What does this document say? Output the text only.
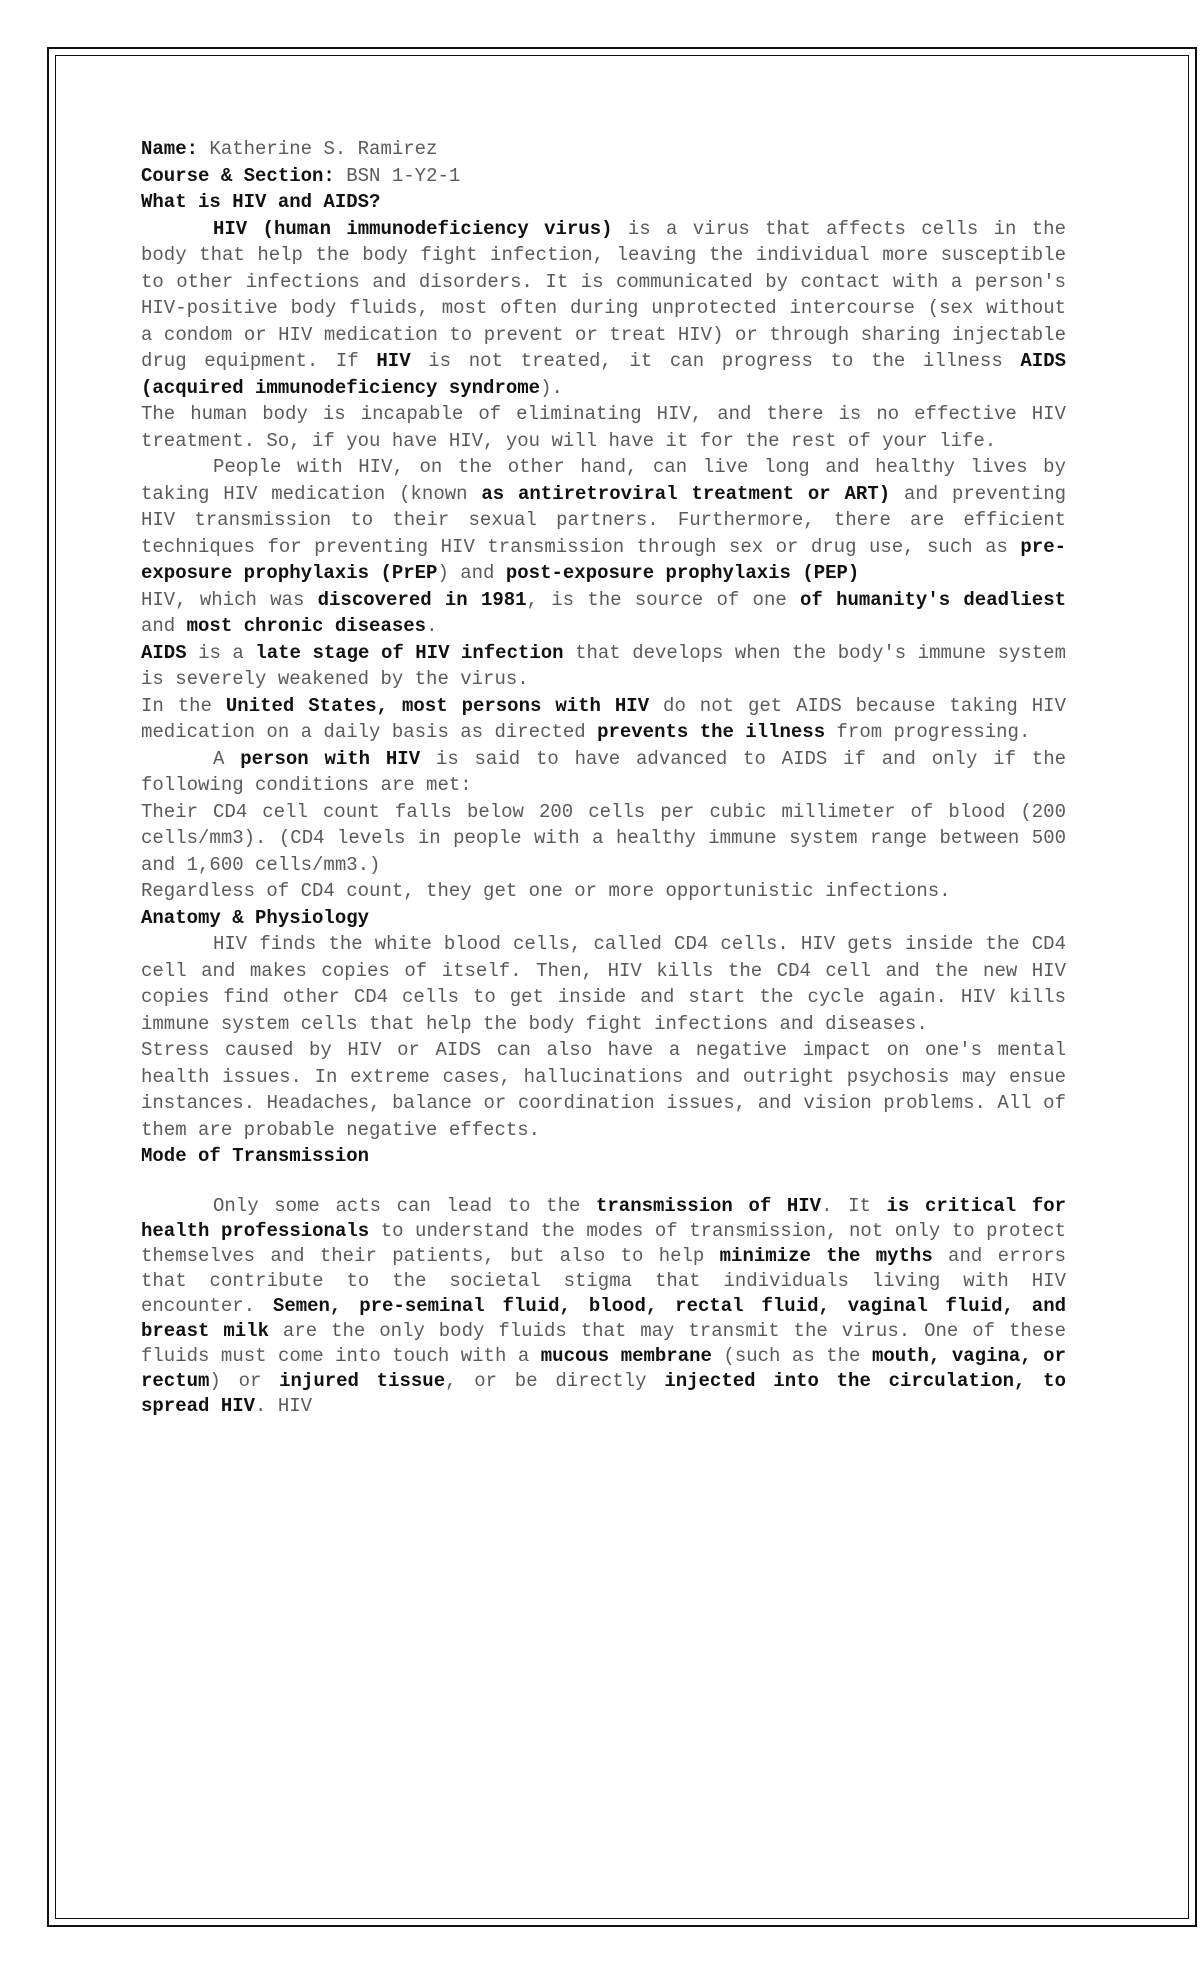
Name: Katherine S. Ramirez

Course & Section: BSN 1-Y2-1

What is HIV and AIDS?

HIV (human immunodeficiency virus) is a virus that affects cells in the body that help the body fight infection, leaving the individual more susceptible to other infections and disorders. It is communicated by contact with a person's HIV-positive body fluids, most often during unprotected intercourse (sex without a condom or HIV medication to prevent or treat HIV) or through sharing injectable drug equipment. If HIV is not treated, it can progress to the illness AIDS (acquired immunodeficiency syndrome).

The human body is incapable of eliminating HIV, and there is no effective HIV treatment. So, if you have HIV, you will have it for the rest of your life.

People with HIV, on the other hand, can live long and healthy lives by taking HIV medication (known as antiretroviral treatment or ART) and preventing HIV transmission to their sexual partners. Furthermore, there are efficient techniques for preventing HIV transmission through sex or drug use, such as pre-exposure prophylaxis (PrEP) and post-exposure prophylaxis (PEP)

HIV, which was discovered in 1981, is the source of one of humanity's deadliest and most chronic diseases.

AIDS is a late stage of HIV infection that develops when the body's immune system is severely weakened by the virus.

In the United States, most persons with HIV do not get AIDS because taking HIV medication on a daily basis as directed prevents the illness from progressing.

A person with HIV is said to have advanced to AIDS if and only if the following conditions are met:

Their CD4 cell count falls below 200 cells per cubic millimeter of blood (200 cells/mm3). (CD4 levels in people with a healthy immune system range between 500 and 1,600 cells/mm3.)

Regardless of CD4 count, they get one or more opportunistic infections.

Anatomy & Physiology

HIV finds the white blood cells, called CD4 cells. HIV gets inside the CD4 cell and makes copies of itself. Then, HIV kills the CD4 cell and the new HIV copies find other CD4 cells to get inside and start the cycle again. HIV kills immune system cells that help the body fight infections and diseases.

Stress caused by HIV or AIDS can also have a negative impact on one's mental health issues. In extreme cases, hallucinations and outright psychosis may ensue instances. Headaches, balance or coordination issues, and vision problems. All of them are probable negative effects.

Mode of Transmission

Only some acts can lead to the transmission of HIV. It is critical for health professionals to understand the modes of transmission, not only to protect themselves and their patients, but also to help minimize the myths and errors that contribute to the societal stigma that individuals living with HIV encounter. Semen, pre-seminal fluid, blood, rectal fluid, vaginal fluid, and breast milk are the only body fluids that may transmit the virus. One of these fluids must come into touch with a mucous membrane (such as the mouth, vagina, or rectum) or injured tissue, or be directly injected into the circulation, to spread HIV. HIV
